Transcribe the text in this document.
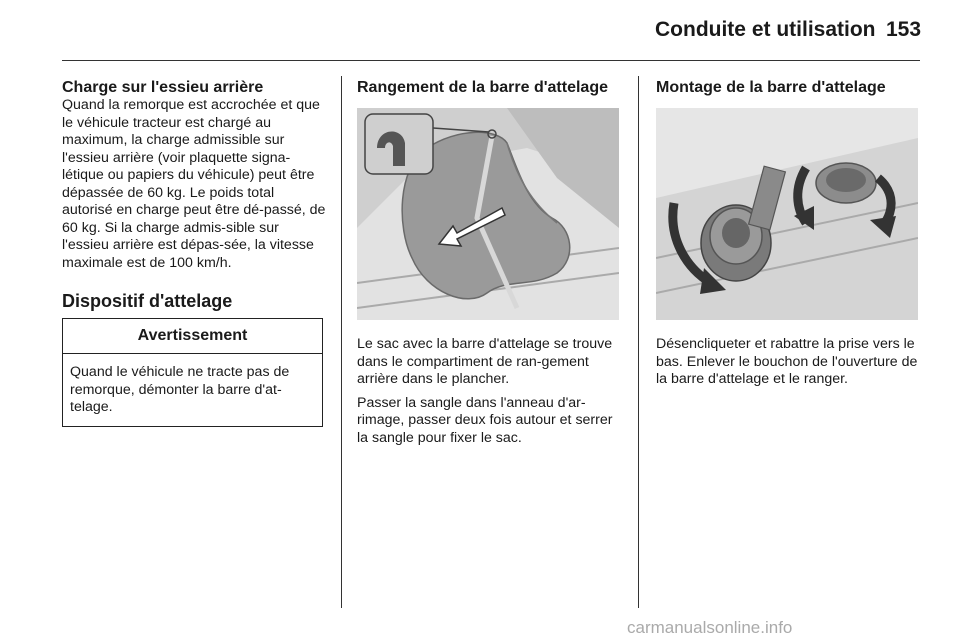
Conduite et utilisation 153
Charge sur l'essieu arrière

Quand la remorque est accrochée et que le véhicule tracteur est chargé au maximum, la charge admissible sur l'essieu arrière (voir plaquette signa-létique ou papiers du véhicule) peut être dépassée de 60 kg. Le poids total autorisé en charge peut être dé-passé, de 60 kg. Si la charge admis-sible sur l'essieu arrière est dépas-sée, la vitesse maximale est de 100 km/h.

Dispositif d'attelage
Avertissement
Quand le véhicule ne tracte pas de remorque, démonter la barre d'at-telage.
Rangement de la barre d'attelage

Le sac avec la barre d'attelage se trouve dans le compartiment de ran-gement arrière dans le plancher.

Passer la sangle dans l'anneau d'ar-rimage, passer deux fois autour et serrer la sangle pour fixer le sac.

Montage de la barre d'attelage

Désencliqueter et rabattre la prise vers le bas. Enlever le bouchon de l'ouverture de la barre d'attelage et le ranger.

carmanualsonline.info
